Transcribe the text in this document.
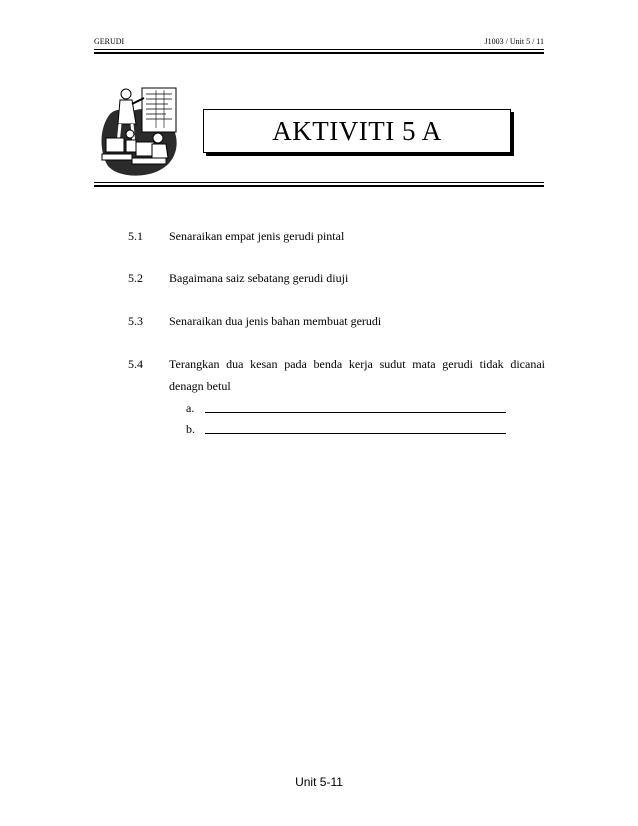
GERUDI	J1003 / Unit 5 / 11
AKTIVITI 5 A
5.1 Senaraikan empat jenis gerudi pintal
5.2 Bagaimana saiz sebatang gerudi diuji
5.3 Senaraikan dua jenis bahan membuat gerudi
5.4 Terangkan dua kesan pada benda kerja sudut mata gerudi tidak dicanai
denagn betul
a.
b.
Unit 5-11
